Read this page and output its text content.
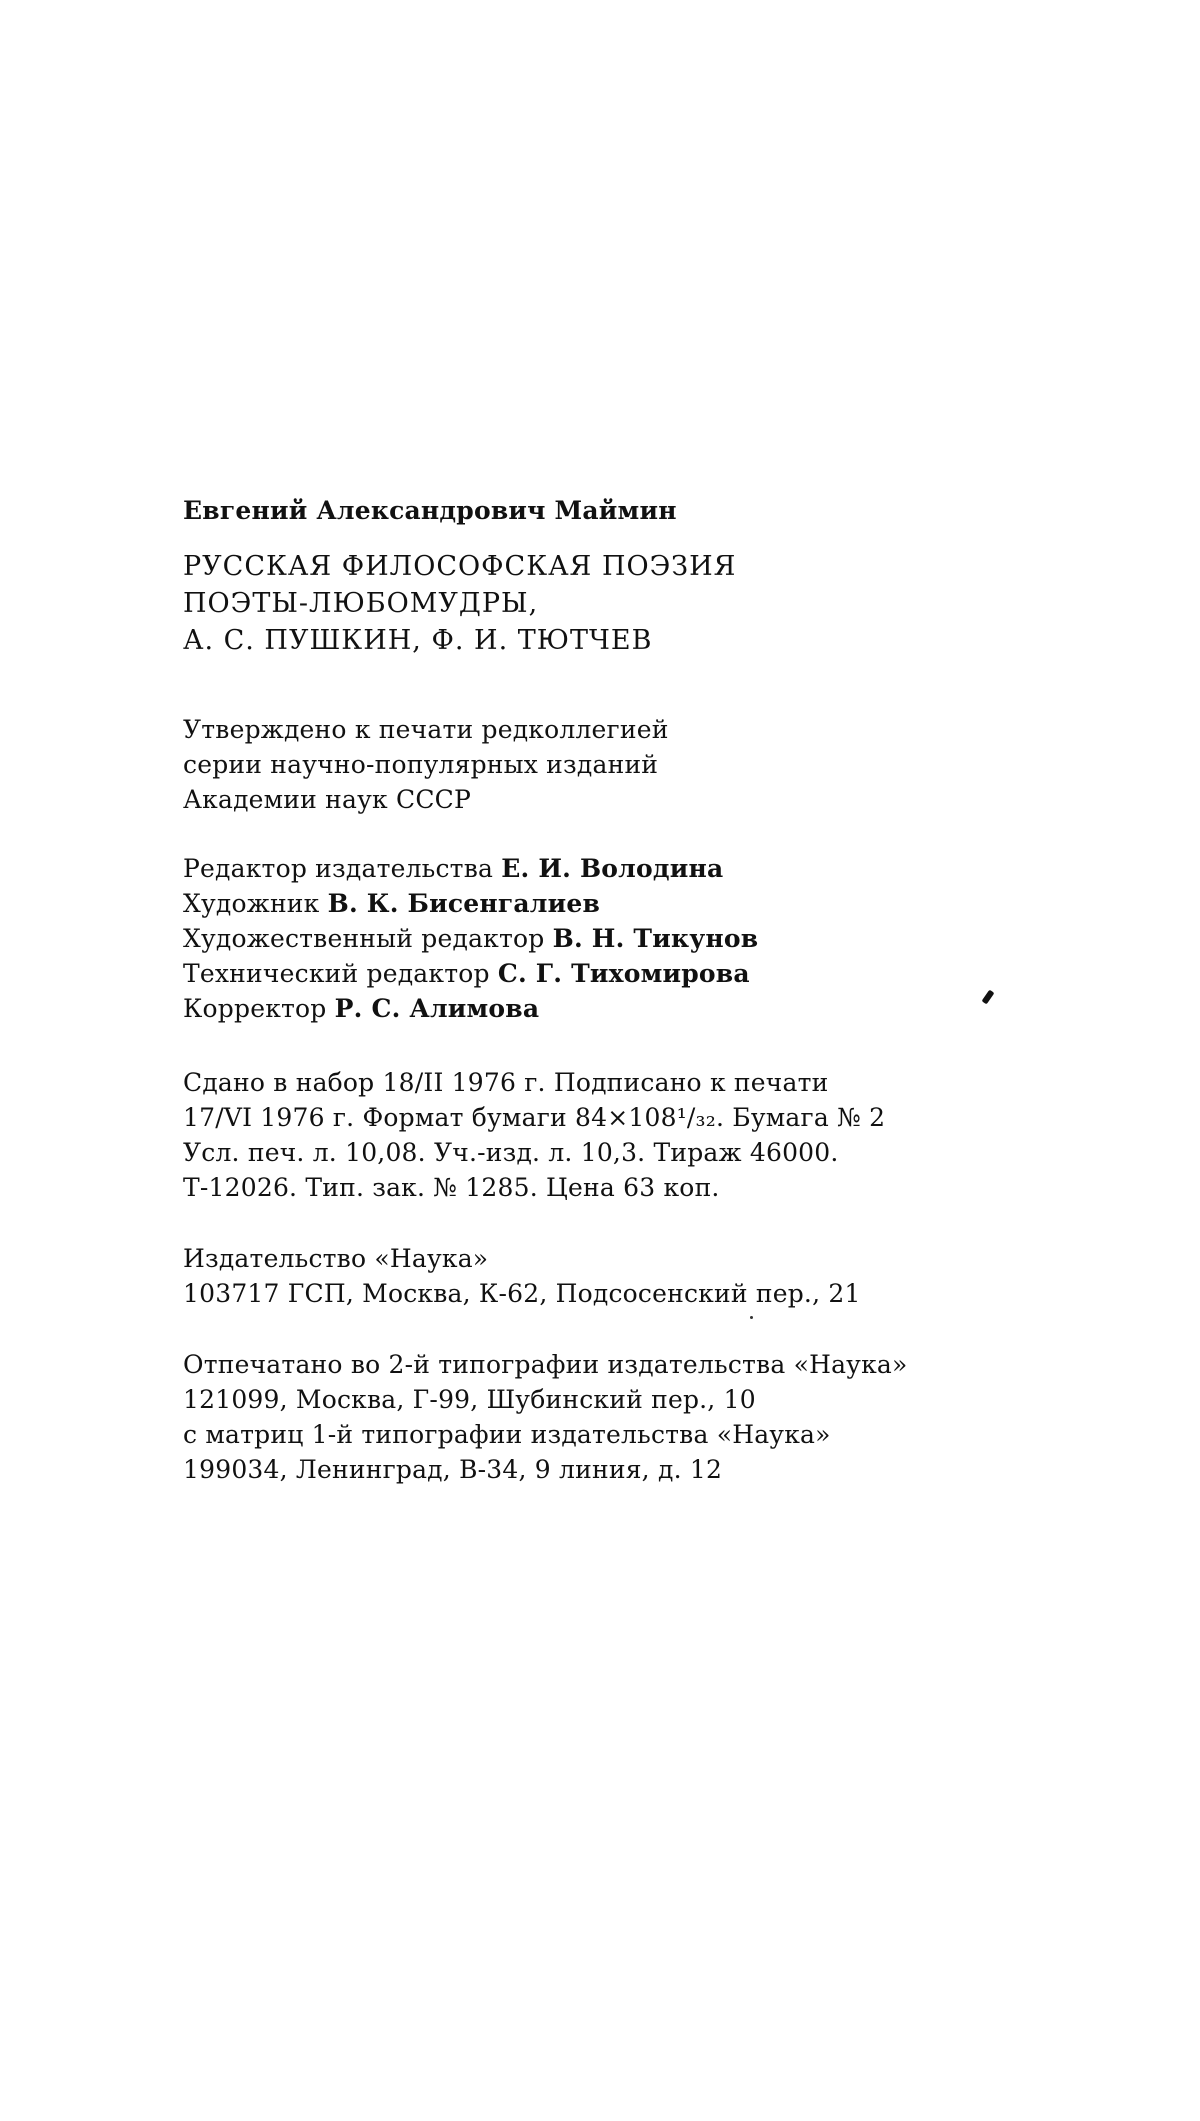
Евгений Александрович Маймин
РУССКАЯ ФИЛОСОФСКАЯ ПОЭЗИЯ
ПОЭТЫ-ЛЮБОМУДРЫ,
А. С. ПУШКИН, Ф. И. ТЮТЧЕВ
Утверждено к печати редколлегией
серии научно-популярных изданий
Академии наук СССР
Редактор издательства Е. И. Володина
Художник В. К. Бисенгалиев
Художественный редактор В. Н. Тикунов
Технический редактор С. Г. Тихомирова
Корректор Р. С. Алимова
Сдано в набор 18/II 1976 г. Подписано к печати
17/VI 1976 г. Формат бумаги 84×108¹/₃₂. Бумага № 2
Усл. печ. л. 10,08. Уч.-изд. л. 10,3. Тираж 46000.
Т-12026. Тип. зак. № 1285. Цена 63 коп.
Издательство «Наука»
103717 ГСП, Москва, К-62, Подсосенский пер., 21
Отпечатано во 2-й типографии издательства «Наука»
121099, Москва, Г-99, Шубинский пер., 10
с матриц 1-й типографии издательства «Наука»
199034, Ленинград, В-34, 9 линия, д. 12
